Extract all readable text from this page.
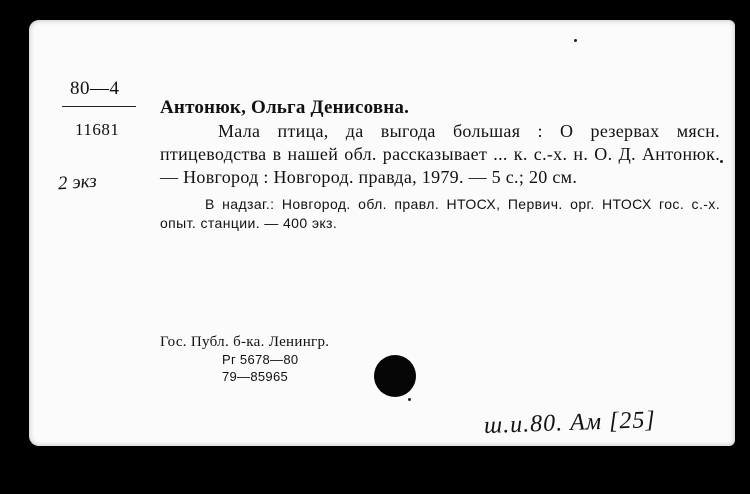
80—4
11681
2 экз

Антонюк, Ольга Денисовна.

Мала птица, да выгода большая : О резервах мясн. птицеводства в нашей обл. рассказывает ... к. с.-х. н. О. Д. Антонюк. — Новгород : Новгород. правда, 1979. — 5 с.; 20 см.

В надзаг.: Новгород. обл. правл. НТОСХ, Первич. орг. НТОСХ гос. с.-х. опыт. станции. — 400 экз.

Гос. Публ. б-ка. Ленингр.
Рг 5678—80
79—85965
ш.и.80. Ам [25]
